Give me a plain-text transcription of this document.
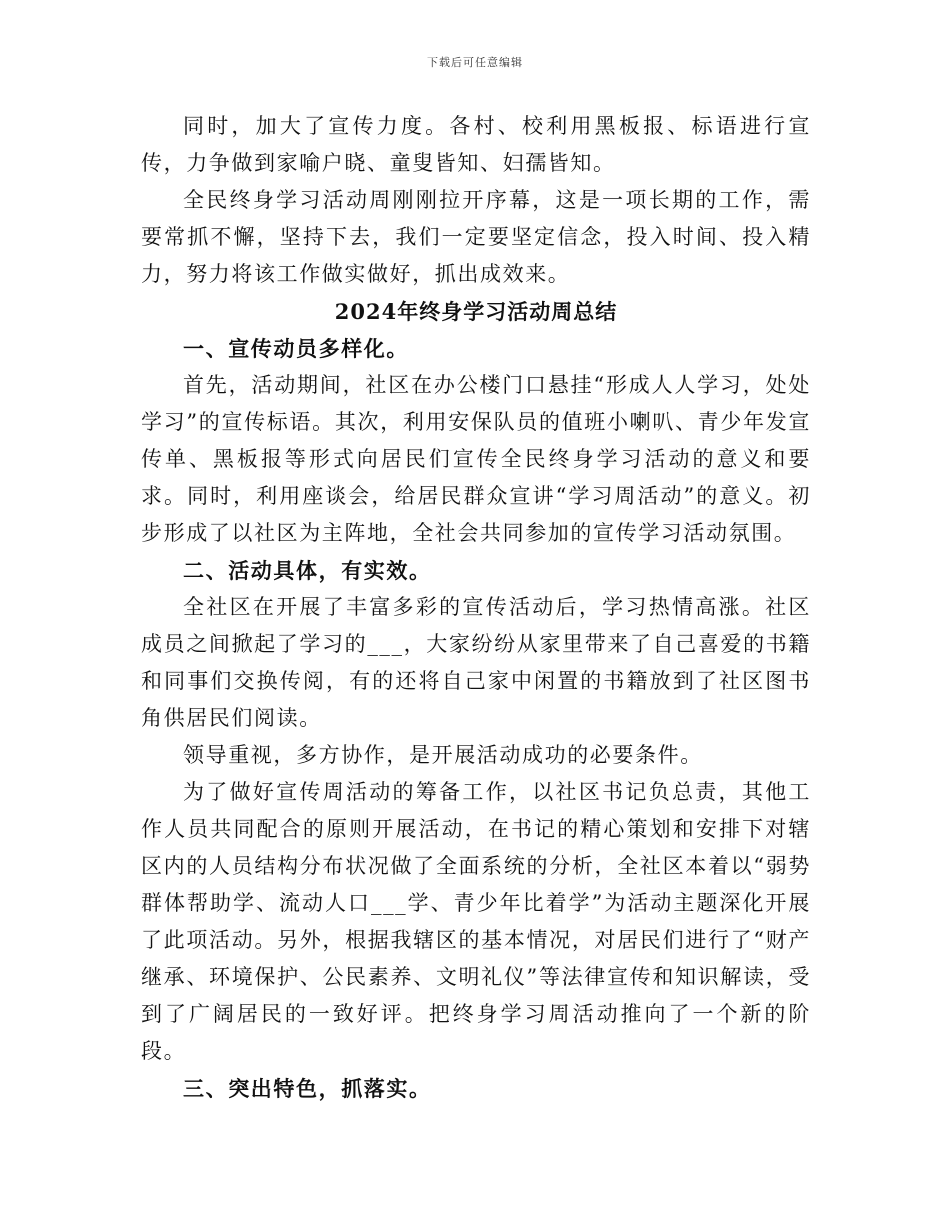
下载后可任意编辑

同时，加大了宣传力度。各村、校利用黑板报、标语进行宣传，力争做到家喻户晓、童叟皆知、妇孺皆知。

全民终身学习活动周刚刚拉开序幕，这是一项长期的工作，需要常抓不懈，坚持下去，我们一定要坚定信念，投入时间、投入精力，努力将该工作做实做好，抓出成效来。

2024年终身学习活动周总结
一、宣传动员多样化。

首先，活动期间，社区在办公楼门口悬挂“形成人人学习，处处学习”的宣传标语。其次，利用安保队员的值班小喇叭、青少年发宣传单、黑板报等形式向居民们宣传全民终身学习活动的意义和要求。同时，利用座谈会，给居民群众宣讲“学习周活动”的意义。初步形成了以社区为主阵地，全社会共同参加的宣传学习活动氛围。

二、活动具体，有实效。

全社区在开展了丰富多彩的宣传活动后，学习热情高涨。社区成员之间掀起了学习的___，大家纷纷从家里带来了自己喜爱的书籍和同事们交换传阅，有的还将自己家中闲置的书籍放到了社区图书角供居民们阅读。

领导重视，多方协作，是开展活动成功的必要条件。

为了做好宣传周活动的筹备工作，以社区书记负总责，其他工作人员共同配合的原则开展活动，在书记的精心策划和安排下对辖区内的人员结构分布状况做了全面系统的分析，全社区本着以“弱势群体帮助学、流动人口___学、青少年比着学”为活动主题深化开展了此项活动。另外，根据我辖区的基本情况，对居民们进行了“财产继承、环境保护、公民素养、文明礼仪”等法律宣传和知识解读，受到了广阔居民的一致好评。把终身学习周活动推向了一个新的阶段。

三、突出特色，抓落实。
